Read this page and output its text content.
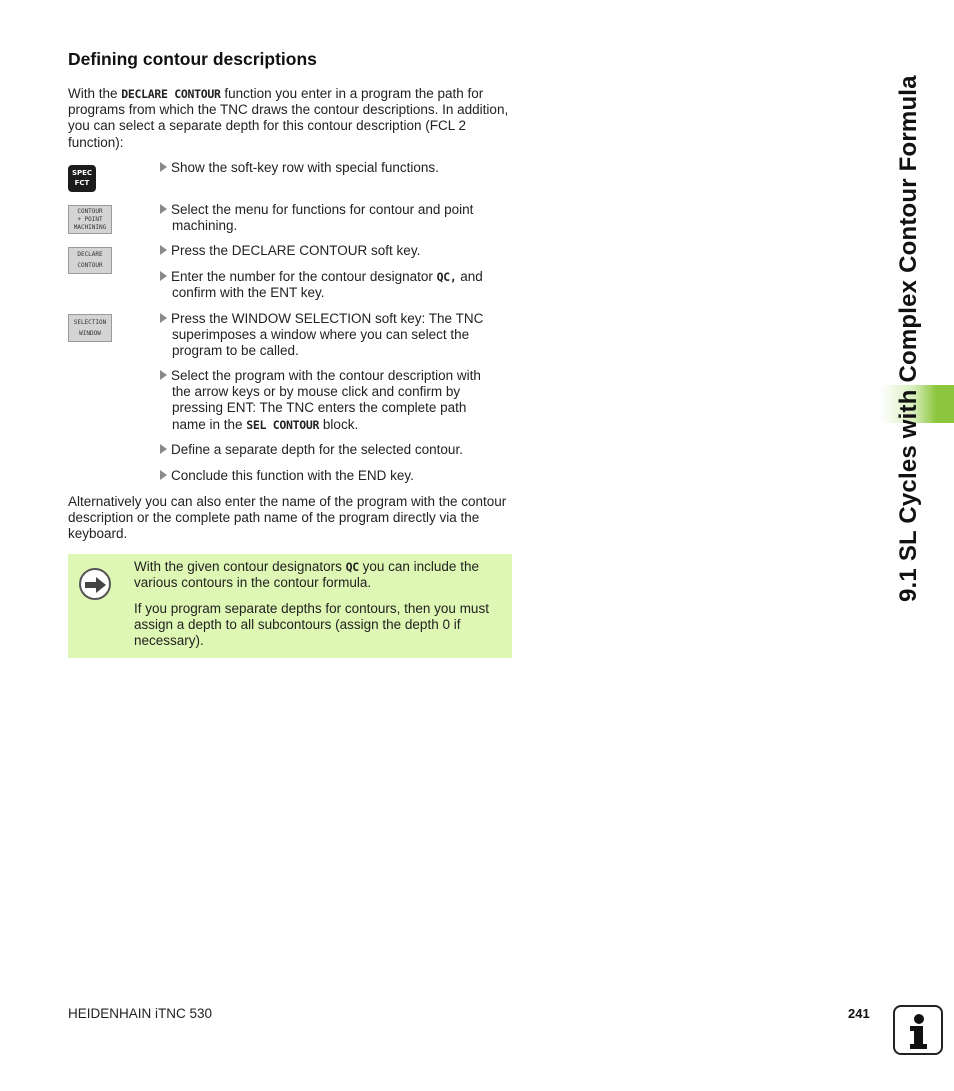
Defining contour descriptions
With the DECLARE CONTOUR function you enter in a program the path for programs from which the TNC draws the contour descriptions. In addition, you can select a separate depth for this contour description (FCL 2 function):
SPEC
FCT
CONTOUR
+ POINT
MACHINING
DECLARE
CONTOUR
SELECTION
WINDOW
Show the soft-key row with special functions.
Select the menu for functions for contour and point
machining.
Press the DECLARE CONTOUR soft key.
Enter the number for the contour designator QC, and
confirm with the ENT key.
Press the WINDOW SELECTION soft key: The TNC
superimposes a window where you can select the
program to be called.
Select the program with the contour description with
the arrow keys or by mouse click and confirm by
pressing ENT: The TNC enters the complete path
name in the SEL CONTOUR block.
Define a separate depth for the selected contour.
Conclude this function with the END key.
Alternatively you can also enter the name of the program with the contour description or the complete path name of the program directly via the keyboard.
With the given contour designators QC you can include the various contours in the contour formula.
If you program separate depths for contours, then you must assign a depth to all subcontours (assign the depth 0 if necessary).
9.1 SL Cycles with Complex Contour Formula
HEIDENHAIN iTNC 530	241
